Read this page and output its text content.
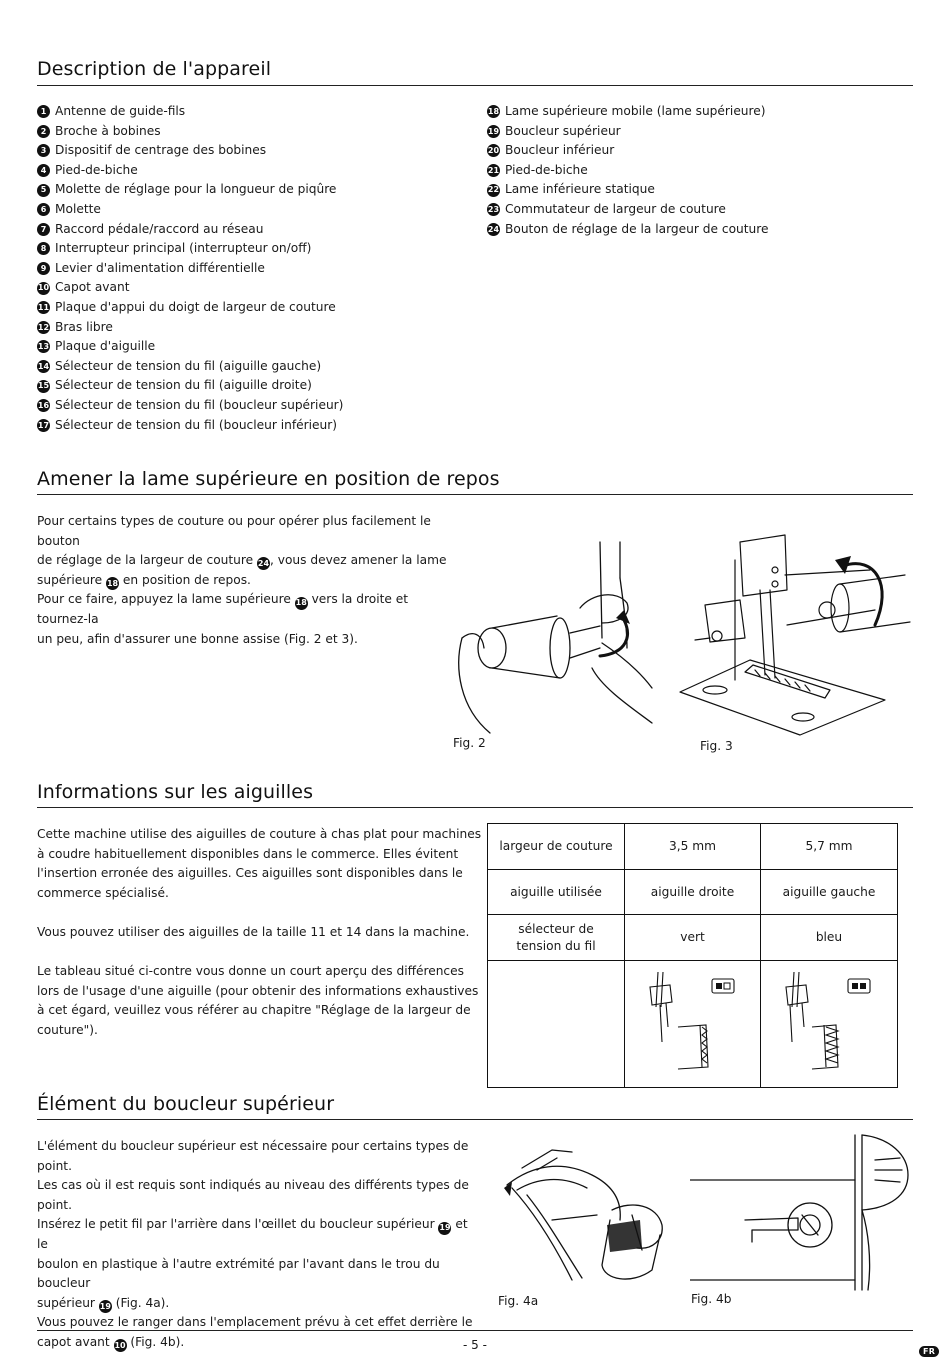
Description de l'appareil
1 Antenne de guide-fils
2 Broche à bobines
3 Dispositif de centrage des bobines
4 Pied-de-biche
5 Molette de réglage pour la longueur de piqûre
6 Molette
7 Raccord pédale/raccord au réseau
8 Interrupteur principal (interrupteur on/off)
9 Levier d'alimentation différentielle
10 Capot avant
11 Plaque d'appui du doigt de largeur de couture
12 Bras libre
13 Plaque d'aiguille
14 Sélecteur de tension du fil (aiguille gauche)
15 Sélecteur de tension du fil (aiguille droite)
16 Sélecteur de tension du fil (boucleur supérieur)
17 Sélecteur de tension du fil (boucleur inférieur)
18 Lame supérieure mobile (lame supérieure)
19 Boucleur supérieur
20 Boucleur inférieur
21 Pied-de-biche
22 Lame inférieure statique
23 Commutateur de largeur de couture
24 Bouton de réglage de la largeur de couture
Amener la lame supérieure en position de repos

Pour certains types de couture ou pour opérer plus facilement le bouton

de réglage de la largeur de couture 24, vous devez amener la lame

supérieure 18 en position de repos.

Pour ce faire, appuyez la lame supérieure 18 vers la droite et tournez-la

un peu, afin d'assurer une bonne assise (Fig. 2 et 3).

Fig. 2	Fig. 3
Informations sur les aiguilles

Cette machine utilise des aiguilles de couture à chas plat pour machines à coudre habituellement disponibles dans le commerce. Elles évitent l'insertion erronée des aiguilles. Ces aiguilles sont disponibles dans le commerce spécialisé.

Vous pouvez utiliser des aiguilles de la taille 11 et 14 dans la machine.

Le tableau situé ci-contre vous donne un court aperçu des différences lors de l'usage d'une aiguille (pour obtenir des informations exhaustives à cet égard, veuillez vous référer au chapitre "Réglage de la largeur de couture").

largeur de couture	3,5 mm	5,7 mm
aiguille utilisée	aiguille droite	aiguille gauche
sélecteur de tension du fil	vert	bleu

Élément du boucleur supérieur

L'élément du boucleur supérieur est nécessaire pour certains types de point.

Les cas où il est requis sont indiqués au niveau des différents types de point.

Insérez le petit fil par l'arrière dans l'œillet du boucleur supérieur 19 et le

boulon en plastique à l'autre extrémité par l'avant dans le trou du boucleur

supérieur 19 (Fig. 4a).

Vous pouvez le ranger dans l'emplacement prévu à cet effet derrière le

capot avant 10 (Fig. 4b).

Fig. 4a	Fig. 4b
- 5 -	FR
